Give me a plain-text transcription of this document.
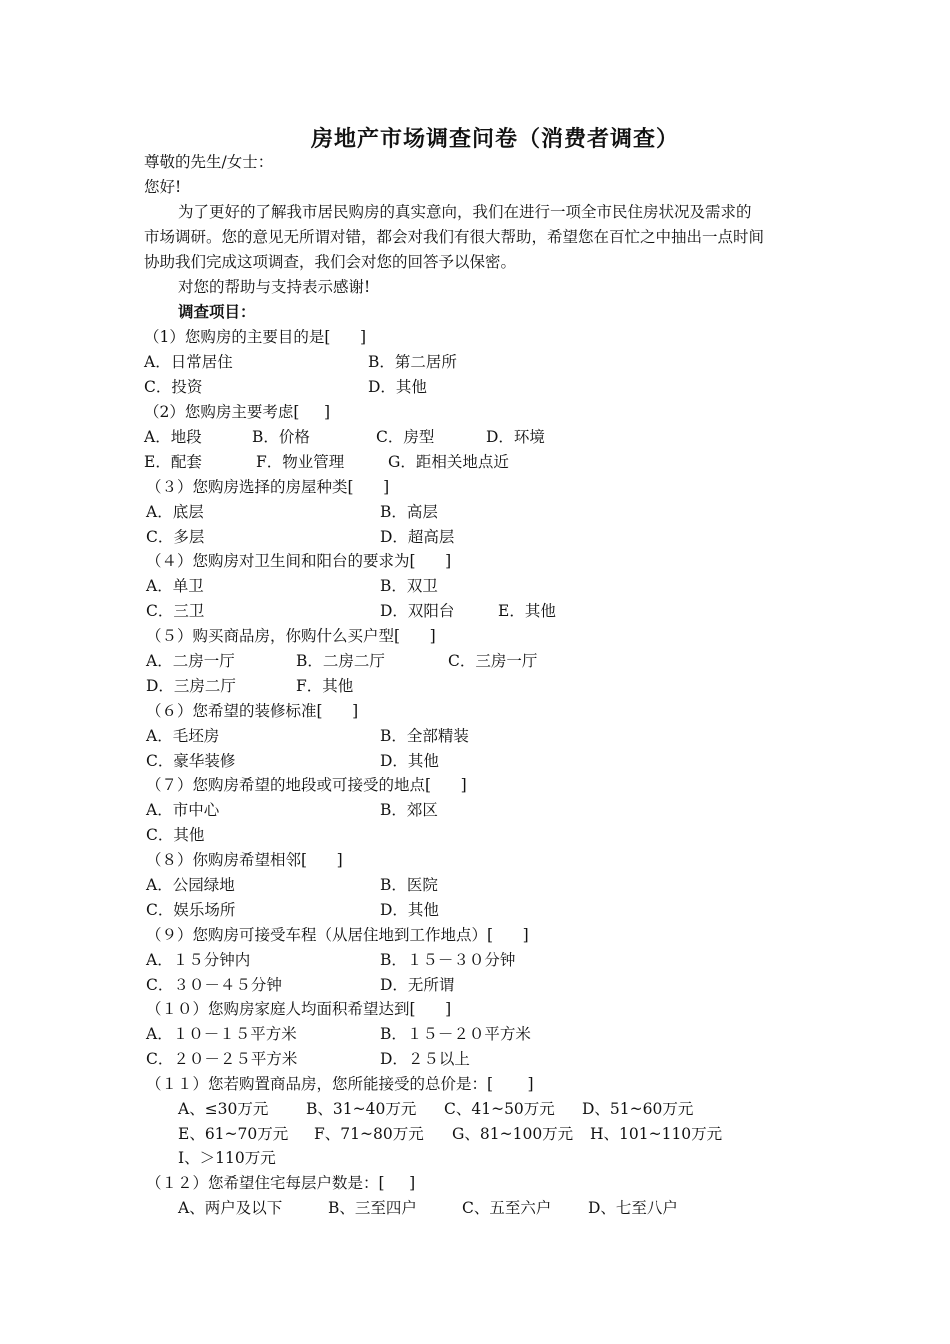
房地产市场调查问卷（消费者调查）
尊敬的先生/女士：
您好!
为了更好的了解我市居民购房的真实意向，我们在进行一项全市民住房状况及需求的
市场调研。您的意见无所谓对错，都会对我们有很大帮助，希望您在百忙之中抽出一点时间
协助我们完成这项调查，我们会对您的回答予以保密。
对您的帮助与支持表示感谢!
调查项目：
（1）您购房的主要目的是[      ]
A．日常居住	B．第二居所
C．投资	D．其他
（2）您购房主要考虑[     ]
A．地段	B．价格	C．房型	D．环境
E．配套	F．物业管理	G．距相关地点近
（３）您购房选择的房屋种类[      ]
A．底层	B．高层
C．多层	D．超高层
（４）您购房对卫生间和阳台的要求为[      ]
A．单卫	B．双卫
C．三卫	D．双阳台	E．其他
（５）购买商品房，你购什么买户型[      ]
A．二房一厅	B．二房二厅	C．三房一厅
D．三房二厅	F．其他
（６）您希望的装修标准[      ]
A．毛坯房	B．全部精装
C．豪华装修	D．其他
（７）您购房希望的地段或可接受的地点[      ]
A．市中心	B．郊区
C．其他
（８）你购房希望相邻[      ]
A．公园绿地	B．医院
C．娱乐场所	D．其他
（９）您购房可接受车程（从居住地到工作地点）[      ]
A．１５分钟内	B．１５－３０分钟
C．３０－４５分钟	D．无所谓
（１０）您购房家庭人均面积希望达到[      ]
A．１０－１５平方米	B．１５－２０平方米
C．２０－２５平方米	D．２５以上
（１１）您若购置商品房，您所能接受的总价是：[       ]
A、≤30万元 B、31~40万元 C、41~50万元 D、51~60万元
E、61~70万元 F、71~80万元 G、81~100万元 H、101~110万元
I、＞110万元
（１２）您希望住宅每层户数是：[     ]
A、两户及以下	B、三至四户	C、五至六户 D、七至八户
